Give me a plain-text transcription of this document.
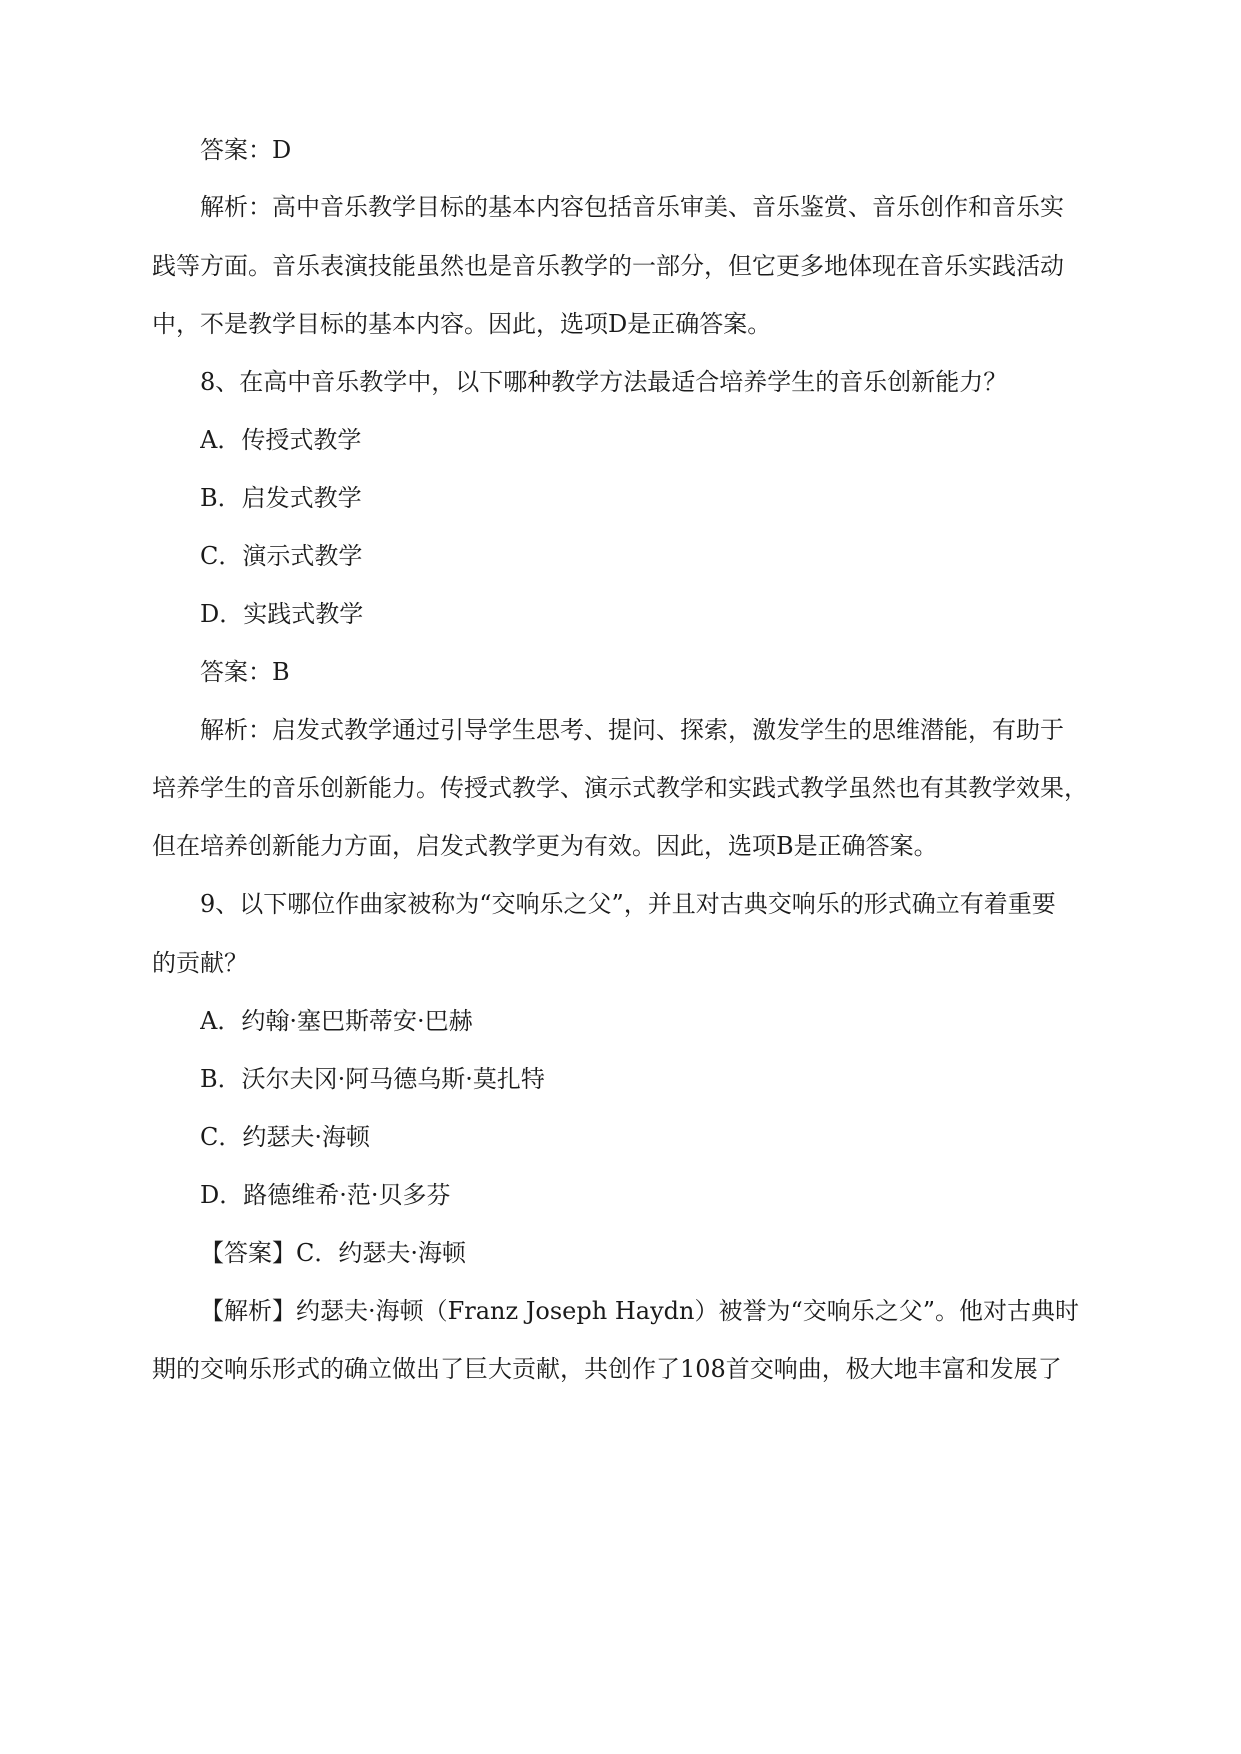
答案：D
解析：高中音乐教学目标的基本内容包括音乐审美、音乐鉴赏、音乐创作和音乐实
践等方面。音乐表演技能虽然也是音乐教学的一部分，但它更多地体现在音乐实践活动
中，不是教学目标的基本内容。因此，选项D是正确答案。
8、在高中音乐教学中，以下哪种教学方法最适合培养学生的音乐创新能力？
A．传授式教学
B．启发式教学
C．演示式教学
D．实践式教学
答案：B
解析：启发式教学通过引导学生思考、提问、探索，激发学生的思维潜能，有助于
培养学生的音乐创新能力。传授式教学、演示式教学和实践式教学虽然也有其教学效果，
但在培养创新能力方面，启发式教学更为有效。因此，选项B是正确答案。
9、以下哪位作曲家被称为“交响乐之父”，并且对古典交响乐的形式确立有着重要
的贡献？
A．约翰·塞巴斯蒂安·巴赫
B．沃尔夫冈·阿马德乌斯·莫扎特
C．约瑟夫·海顿
D．路德维希·范·贝多芬
【答案】C．约瑟夫·海顿
【解析】约瑟夫·海顿（Franz Joseph Haydn）被誉为“交响乐之父”。他对古典时
期的交响乐形式的确立做出了巨大贡献，共创作了108首交响曲，极大地丰富和发展了
